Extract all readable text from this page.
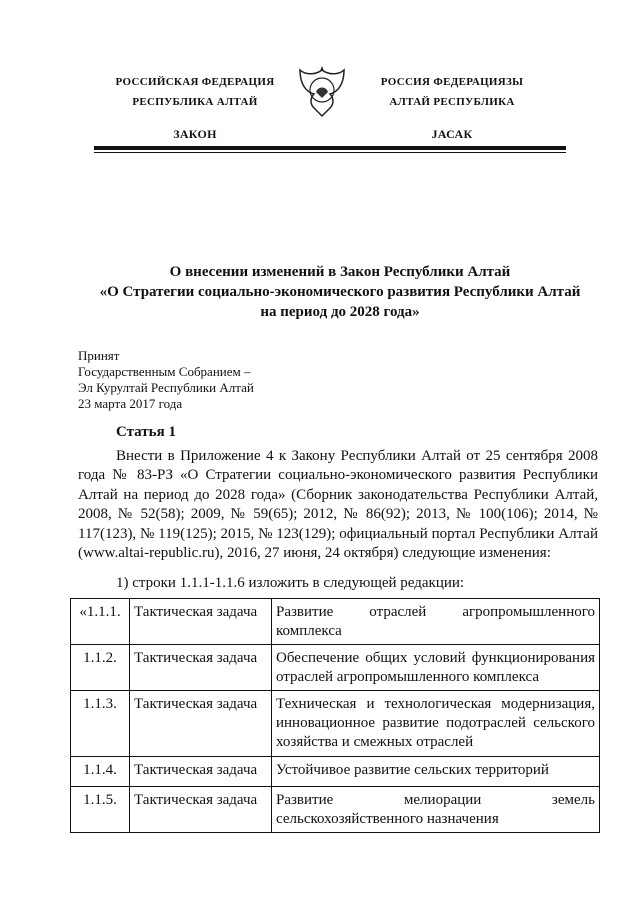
РОССИЙСКАЯ ФЕДЕРАЦИЯ
РЕСПУБЛИКА АЛТАЙ
ЗАКОН
РОССИЯ ФЕДЕРАЦИЯЗЫ
АЛТАЙ РЕСПУБЛИКА
JАСАК
О внесении изменений в Закон Республики Алтай
«О Стратегии социально-экономического развития Республики Алтай
на период до 2028 года»
Принят
Государственным Собранием –
Эл Курултай Республики Алтай
23 марта 2017 года
Статья 1
Внести в Приложение 4 к Закону Республики Алтай от 25 сентября 2008 года № 83-РЗ «О Стратегии социально-экономического развития Республики Алтай на период до 2028 года» (Сборник законодательства Республики Алтай, 2008, № 52(58); 2009, № 59(65); 2012, № 86(92); 2013, № 100(106); 2014, № 117(123), № 119(125); 2015, № 123(129); официальный портал Республики Алтай (www.altai-republic.ru), 2016, 27 июня, 24 октября) следующие изменения:
1) строки 1.1.1-1.1.6 изложить в следующей редакции:
«1.1.1.	Тактическая задача	Развитие отраслей агропромышленного комплекса
1.1.2.	Тактическая задача	Обеспечение общих условий функционирования отраслей агропромышленного комплекса
1.1.3.	Тактическая задача	Техническая и технологическая модернизация, инновационное развитие подотраслей сельского хозяйства и смежных отраслей
1.1.4.	Тактическая задача	Устойчивое развитие сельских территорий
1.1.5.	Тактическая задача	Развитие мелиорации земель сельскохозяйственного назначения
